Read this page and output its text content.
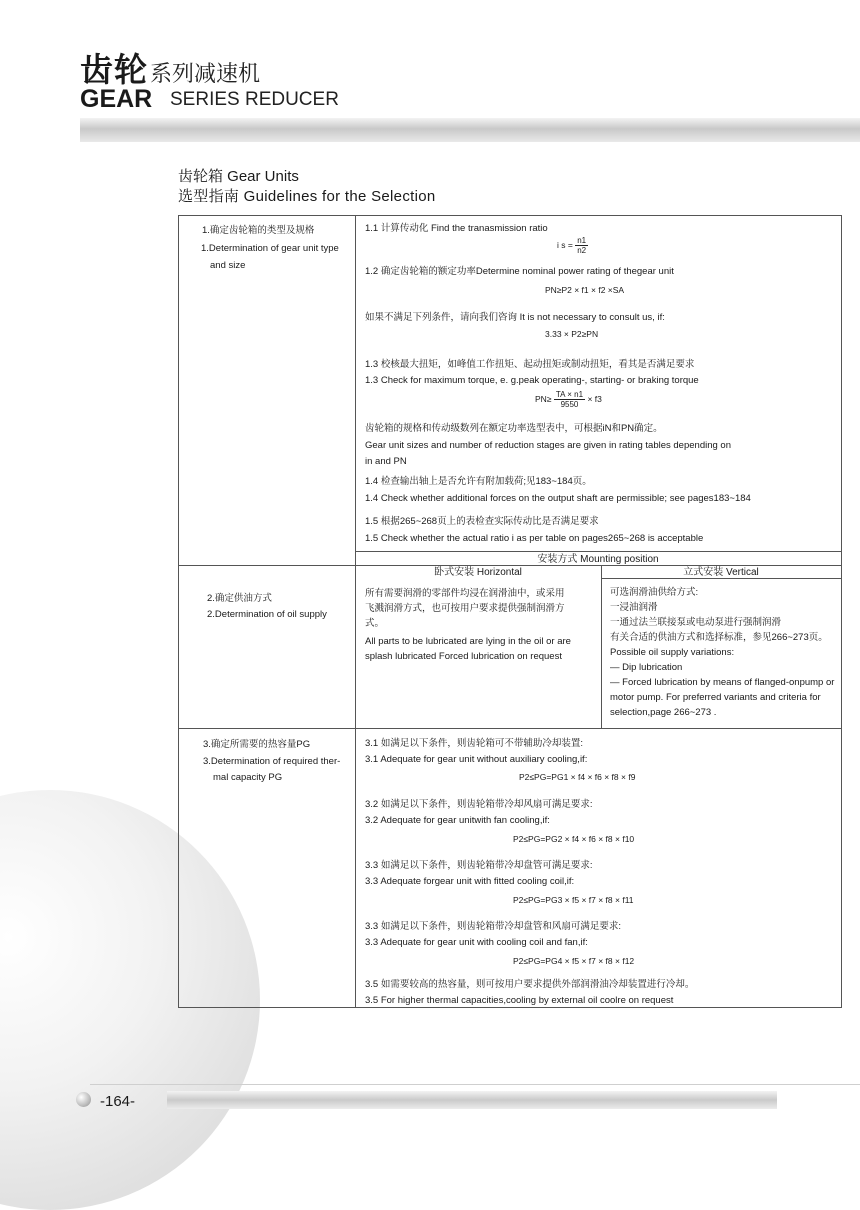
齿轮 系列减速机
GEAR SERIES REDUCER
齿轮箱 Gear Units
选型指南 Guidelines for the Selection
1.确定齿轮箱的类型及规格
1.Determination of gear unit type
and size
1.1 计算传动化 Find the tranasmission ratio
i $s = \frac{n1}{n2}$
1.2 确定齿轮箱的额定功率Determine nominal power rating of thegear unit
PN≥P2 × f1 × f2 ×SA
如果不满足下列条件，请向我们咨询 It is not necessary to consult us, if:
3.33 × P2≥PN
1.3 校核最大扭矩，如峰值工作扭矩、起动扭矩或制动扭矩，看其是否满足要求
1.3 Check for maximum torque, e. g.peak operating-, starting- or braking torque
$PN\ge \frac{TA \times n1}{9550} \times f3$
齿轮箱的规格和传动级数列在额定功率选型表中，可根据iN和PN确定。
Gear unit sizes and number of reduction stages are given in rating tables depending on
in and PN
1.4 检查输出轴上是否允许有附加载荷;见183~184页。
1.4 Check whether additional forces on the output shaft are permissible; see pages183~184
1.5 根据265~268页上的表检查实际传动比是否满足要求
1.5 Check whether the actual ratio i as per table on pages265~268 is acceptable
安装方式 Mounting position
卧式安装 Horizontal	立式安装 Vertical
2.确定供油方式
2.Determination of oil supply
所有需要润滑的零部件均浸在润滑油中，或采用
飞溅润滑方式，也可按用户要求提供强制润滑方
式。
All parts to be lubricated are lying in the oil or are
splash lubricated Forced lubrication on request
可选润滑油供给方式:
一浸油润滑
一通过法兰联接泵或电动泵进行强制润滑
有关合适的供油方式和选择标准，参见266~273页。
Possible oil supply variations:
— Dip lubrication
— Forced lubrication by means of flanged-onpump or
motor pump. For preferred variants and criteria for
selection,page 266~273 .
3.确定所需要的热容量PG
3.Determination of required ther-
mal capacity PG
3.1 如满足以下条件，则齿轮箱可不带辅助冷却装置:
3.1 Adequate for gear unit without auxiliary cooling,if:
P2≤PG=PG1 × f4 × f6 × f8 × f9
3.2 如满足以下条件，则齿轮箱带冷却风扇可满足要求:
3.2 Adequate for gear unitwith fan cooling,if:
P2≤PG=PG2 × f4 × f6 × f8 × f10
3.3 如满足以下条件，则齿轮箱带冷却盘管可满足要求:
3.3 Adequate forgear unit with fitted cooling coil,if:
P2≤PG=PG3 × f5 × f7 × f8 × f11
3.3 如满足以下条件，则齿轮箱带冷却盘管和风扇可满足要求:
3.3 Adequate for gear unit with cooling coil and fan,if:
P2≤PG=PG4 × f5 × f7 × f8 × f12
3.5 如需要较高的热容量，则可按用户要求提供外部润滑油冷却装置进行冷却。
3.5 For higher thermal capacities,cooling by external oil coolre on request
-164-
